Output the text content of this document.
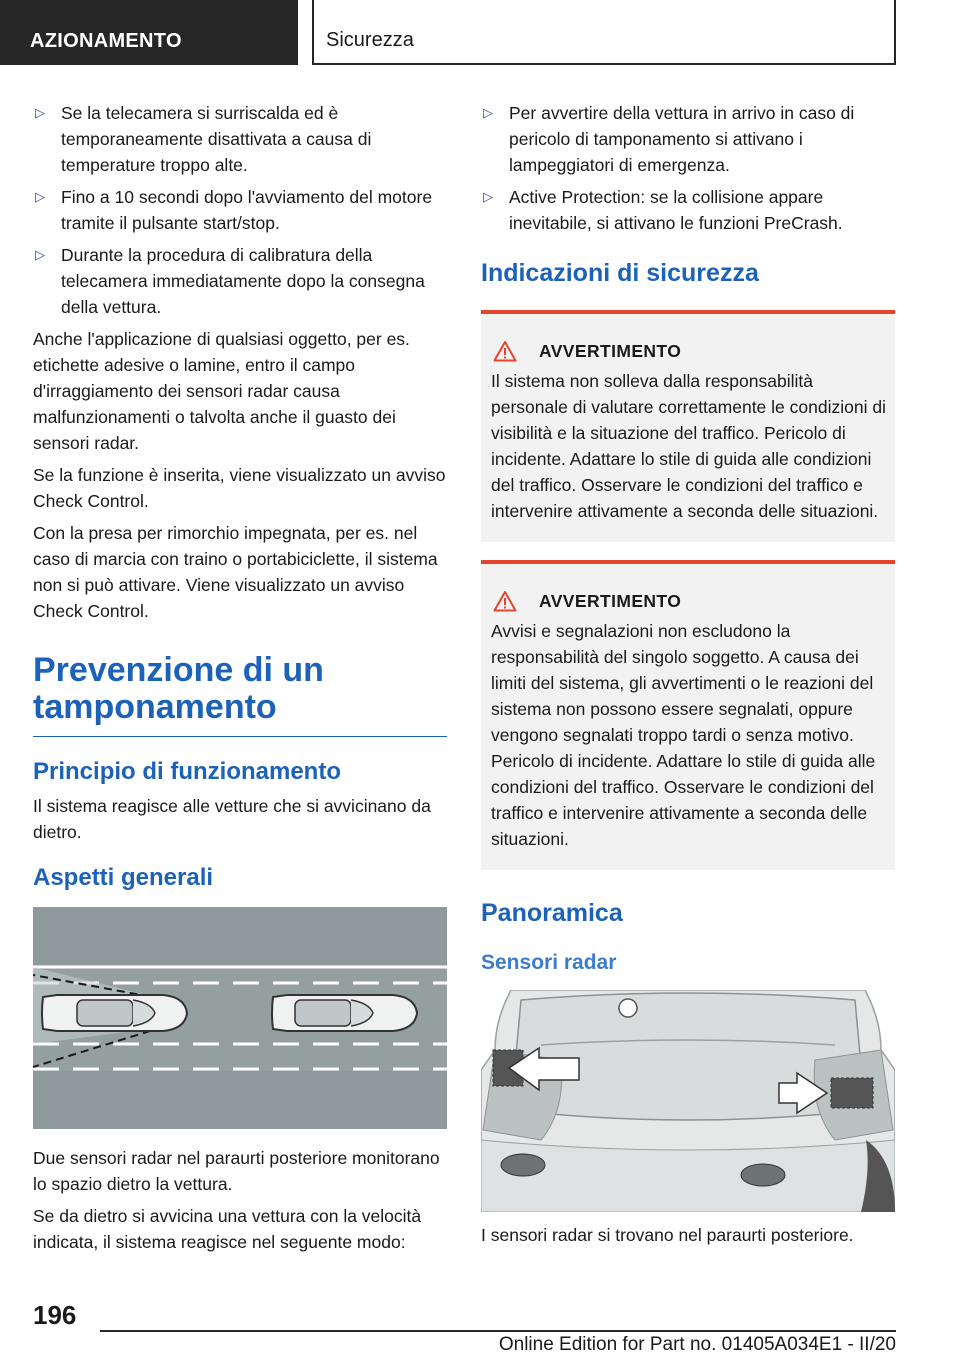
AZIONAMENTO	Sicurezza
▷ Se la telecamera si surriscalda ed è temporaneamente disattivata a causa di temperature troppo alte.
▷ Fino a 10 secondi dopo l'avviamento del motore tramite il pulsante start/stop.
▷ Durante la procedura di calibratura della telecamera immediatamente dopo la consegna della vettura.

Anche l'applicazione di qualsiasi oggetto, per es. etichette adesive o lamine, entro il campo d'irraggiamento dei sensori radar causa malfunzionamenti o talvolta anche il guasto dei sensori radar.

Se la funzione è inserita, viene visualizzato un avviso Check Control.

Con la presa per rimorchio impegnata, per es. nel caso di marcia con traino o portabiciclette, il sistema non si può attivare. Viene visualizzato un avviso Check Control.

Prevenzione di un tamponamento
Principio di funzionamento

Il sistema reagisce alle vetture che si avvicinano da dietro.

Aspetti generali

Due sensori radar nel paraurti posteriore monitorano lo spazio dietro la vettura.

Se da dietro si avvicina una vettura con la velocità indicata, il sistema reagisce nel seguente modo:

▷ Per avvertire della vettura in arrivo in caso di pericolo di tamponamento si attivano i lampeggiatori di emergenza.
▷ Active Protection: se la collisione appare inevitabile, si attivano le funzioni PreCrash.
Indicazioni di sicurezza
AVVERTIMENTO
Il sistema non solleva dalla responsabilità personale di valutare correttamente le condizioni di visibilità e la situazione del traffico. Pericolo di incidente. Adattare lo stile di guida alle condizioni del traffico. Osservare le condizioni del traffico e intervenire attivamente a seconda delle situazioni.
AVVERTIMENTO
Avvisi e segnalazioni non escludono la responsabilità del singolo soggetto. A causa dei limiti del sistema, gli avvertimenti o le reazioni del sistema non possono essere segnalati, oppure vengono segnalati troppo tardi o senza motivo. Pericolo di incidente. Adattare lo stile di guida alle condizioni del traffico. Osservare le condizioni del traffico e intervenire attivamente a seconda delle situazioni.
Panoramica
Sensori radar

I sensori radar si trovano nel paraurti posteriore.

196
Online Edition for Part no. 01405A034E1 - II/20
